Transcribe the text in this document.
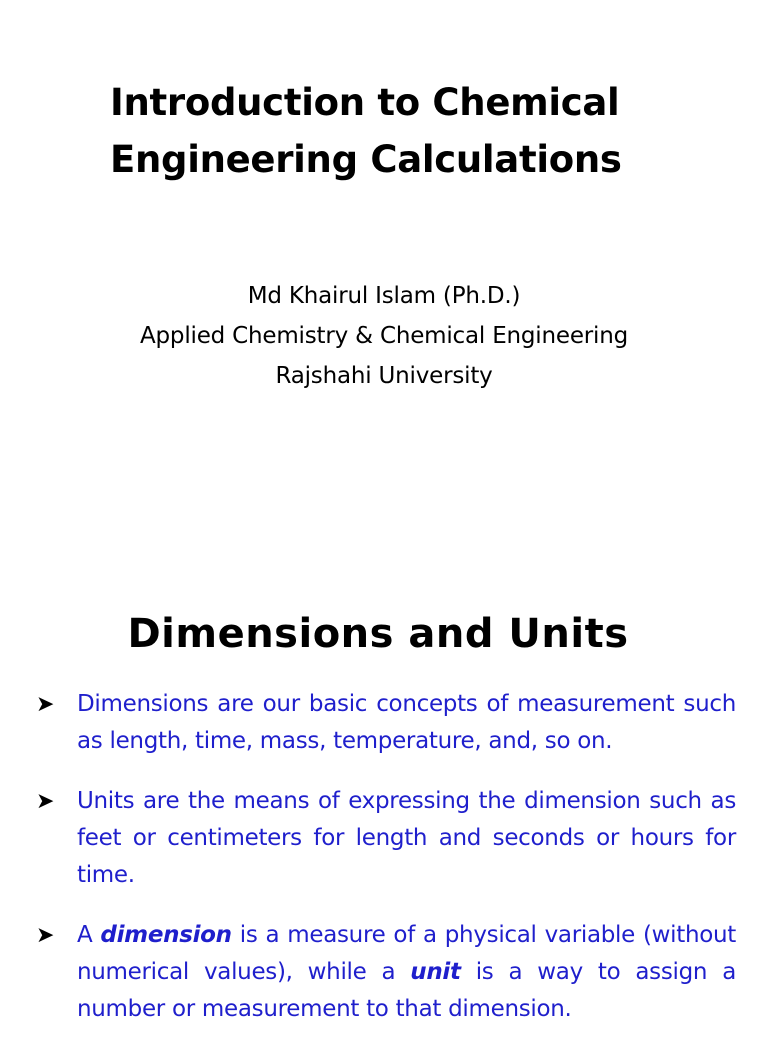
Introduction to Chemical
Engineering Calculations
Md Khairul Islam (Ph.D.)
Applied Chemistry & Chemical Engineering
Rajshahi University
Dimensions and Units
➤ Dimensions are our basic concepts of measurement such as length, time, mass, temperature, and, so on.
➤ Units are the means of expressing the dimension such as feet or centimeters for length and seconds or hours for time.
➤ A dimension is a measure of a physical variable (without numerical values), while a unit is a way to assign a number or measurement to that dimension.
